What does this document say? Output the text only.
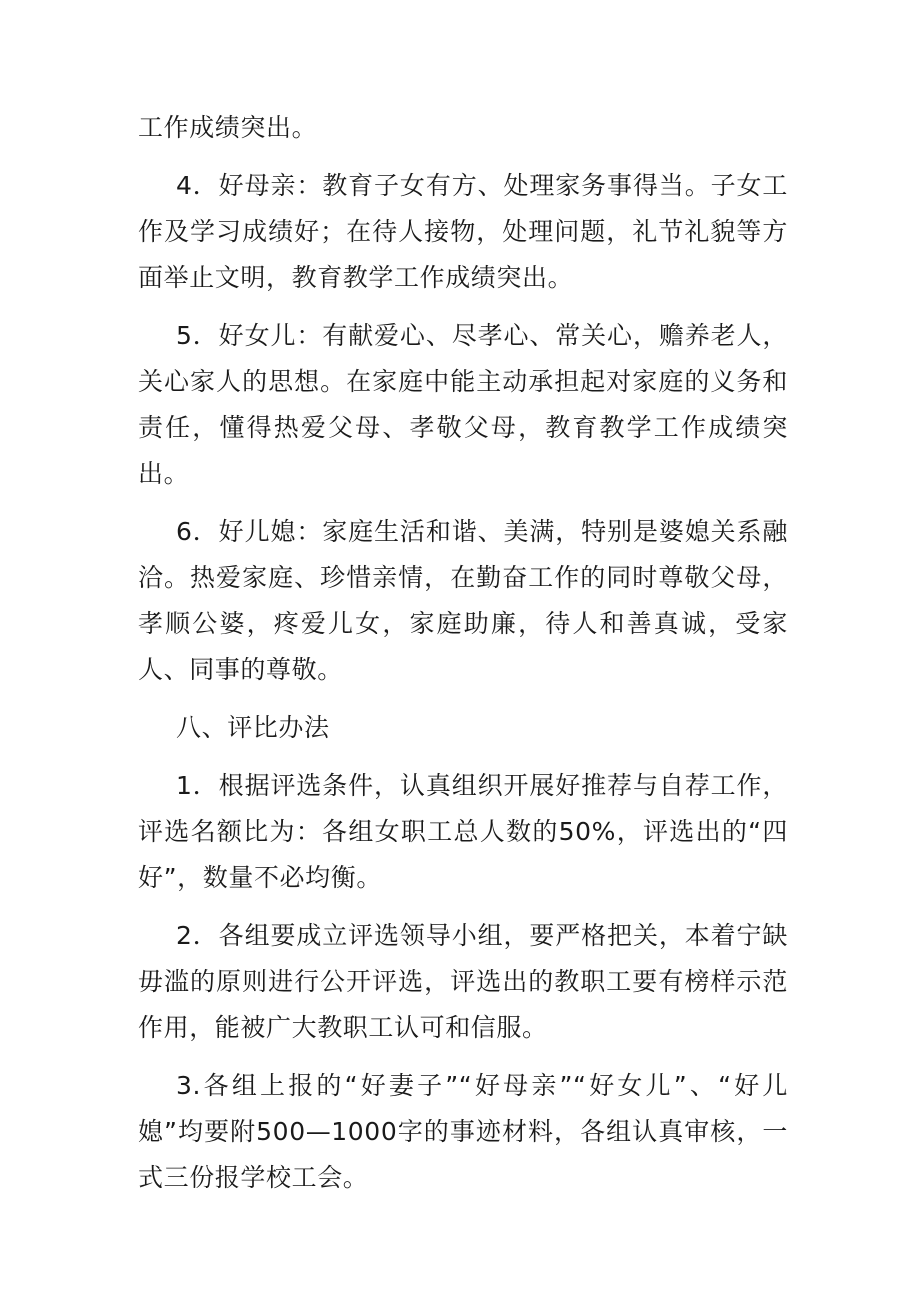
工作成绩突出。

4．好母亲：教育子女有方、处理家务事得当。子女工作及学习成绩好；在待人接物，处理问题，礼节礼貌等方面举止文明，教育教学工作成绩突出。

5．好女儿：有献爱心、尽孝心、常关心，赡养老人，关心家人的思想。在家庭中能主动承担起对家庭的义务和责任，懂得热爱父母、孝敬父母，教育教学工作成绩突出。

6．好儿媳：家庭生活和谐、美满，特别是婆媳关系融洽。热爱家庭、珍惜亲情，在勤奋工作的同时尊敬父母，孝顺公婆，疼爱儿女，家庭助廉，待人和善真诚，受家人、同事的尊敬。

八、评比办法

1．根据评选条件，认真组织开展好推荐与自荐工作，评选名额比为：各组女职工总人数的50%，评选出的“四好”，数量不必均衡。

2．各组要成立评选领导小组，要严格把关，本着宁缺毋滥的原则进行公开评选，评选出的教职工要有榜样示范作用，能被广大教职工认可和信服。

3.各组上报的“好妻子”“好母亲”“好女儿”、“好儿媳”均要附500—1000字的事迹材料，各组认真审核，一式三份报学校工会。
